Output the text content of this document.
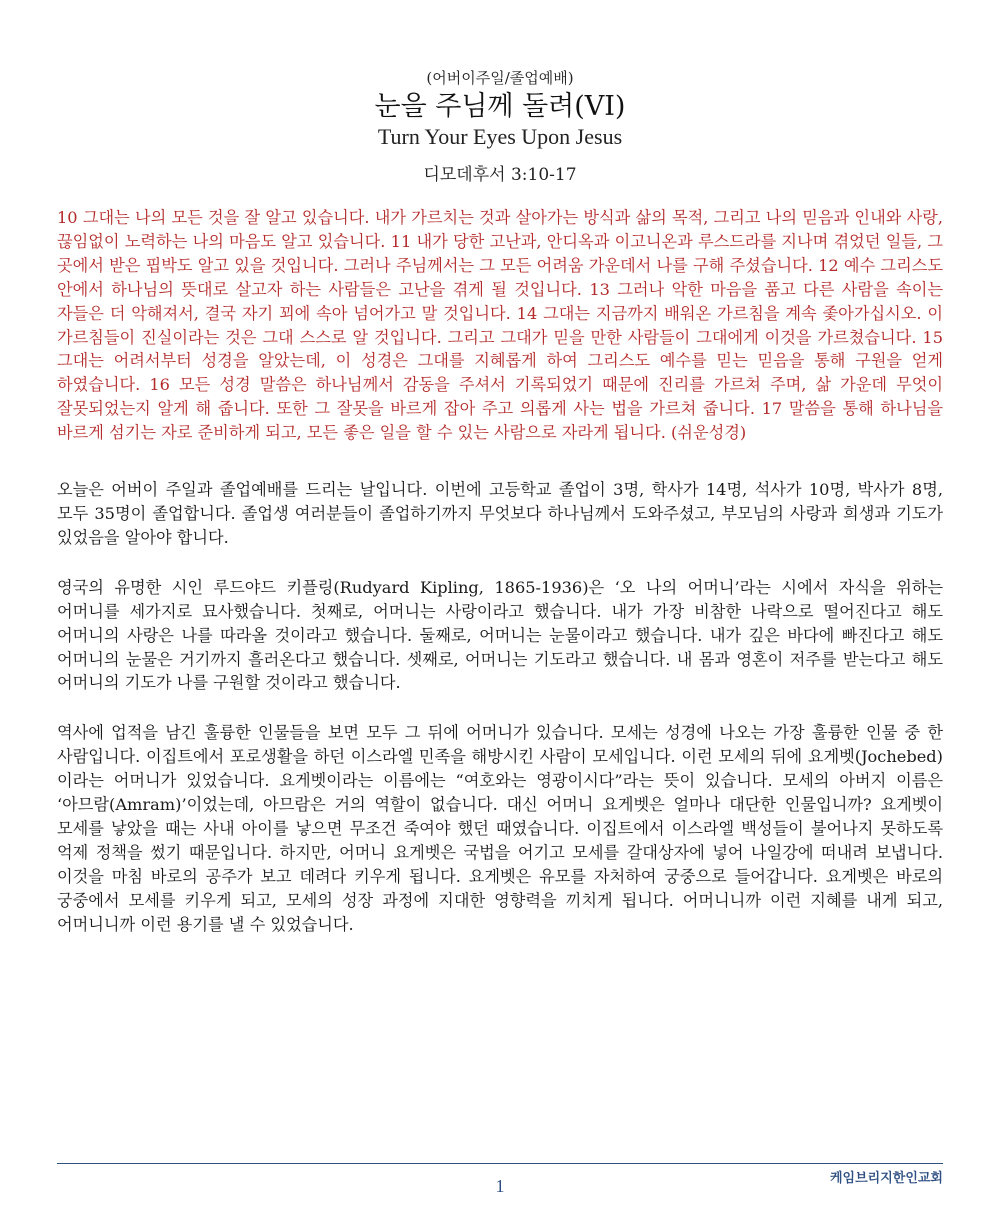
(어버이주일/졸업예배)
눈을 주님께 돌려(VI)
Turn Your Eyes Upon Jesus
디모데후서 3:10-17

10 그대는 나의 모든 것을 잘 알고 있습니다. 내가 가르치는 것과 살아가는 방식과 삶의 목적, 그리고 나의 믿음과 인내와 사랑, 끊임없이 노력하는 나의 마음도 알고 있습니다. 11 내가 당한 고난과, 안디옥과 이고니온과 루스드라를 지나며 겪었던 일들, 그 곳에서 받은 핍박도 알고 있을 것입니다. 그러나 주님께서는 그 모든 어려움 가운데서 나를 구해 주셨습니다. 12 예수 그리스도 안에서 하나님의 뜻대로 살고자 하는 사람들은 고난을 겪게 될 것입니다. 13 그러나 악한 마음을 품고 다른 사람을 속이는 자들은 더 악해져서, 결국 자기 꾀에 속아 넘어가고 말 것입니다. 14 그대는 지금까지 배워온 가르침을 계속 좇아가십시오. 이 가르침들이 진실이라는 것은 그대 스스로 알 것입니다. 그리고 그대가 믿을 만한 사람들이 그대에게 이것을 가르쳤습니다. 15 그대는 어려서부터 성경을 알았는데, 이 성경은 그대를 지혜롭게 하여 그리스도 예수를 믿는 믿음을 통해 구원을 얻게 하였습니다. 16 모든 성경 말씀은 하나님께서 감동을 주셔서 기록되었기 때문에 진리를 가르쳐 주며, 삶 가운데 무엇이 잘못되었는지 알게 해 줍니다. 또한 그 잘못을 바르게 잡아 주고 의롭게 사는 법을 가르쳐 줍니다. 17 말씀을 통해 하나님을 바르게 섬기는 자로 준비하게 되고, 모든 좋은 일을 할 수 있는 사람으로 자라게 됩니다. (쉬운성경)

오늘은 어버이 주일과 졸업예배를 드리는 날입니다. 이번에 고등학교 졸업이 3명, 학사가 14명, 석사가 10명, 박사가 8명, 모두 35명이 졸업합니다. 졸업생 여러분들이 졸업하기까지 무엇보다 하나님께서 도와주셨고, 부모님의 사랑과 희생과 기도가 있었음을 알아야 합니다.

영국의 유명한 시인 루드야드 키플링(Rudyard Kipling, 1865-1936)은 ‘오 나의 어머니’라는 시에서 자식을 위하는 어머니를 세가지로 묘사했습니다. 첫째로, 어머니는 사랑이라고 했습니다. 내가 가장 비참한 나락으로 떨어진다고 해도 어머니의 사랑은 나를 따라올 것이라고 했습니다. 둘째로, 어머니는 눈물이라고 했습니다. 내가 깊은 바다에 빠진다고 해도 어머니의 눈물은 거기까지 흘러온다고 했습니다. 셋째로, 어머니는 기도라고 했습니다. 내 몸과 영혼이 저주를 받는다고 해도 어머니의 기도가 나를 구원할 것이라고 했습니다.

역사에 업적을 남긴 훌륭한 인물들을 보면 모두 그 뒤에 어머니가 있습니다. 모세는 성경에 나오는 가장 훌륭한 인물 중 한 사람입니다. 이집트에서 포로생활을 하던 이스라엘 민족을 해방시킨 사람이 모세입니다. 이런 모세의 뒤에 요게벳(Jochebed)이라는 어머니가 있었습니다. 요게벳이라는 이름에는 “여호와는 영광이시다”라는 뜻이 있습니다. 모세의 아버지 이름은 ‘아므람(Amram)’이었는데, 아므람은 거의 역할이 없습니다. 대신 어머니 요게벳은 얼마나 대단한 인물입니까? 요게벳이 모세를 낳았을 때는 사내 아이를 낳으면 무조건 죽여야 했던 때였습니다. 이집트에서 이스라엘 백성들이 불어나지 못하도록 억제 정책을 썼기 때문입니다. 하지만, 어머니 요게벳은 국법을 어기고 모세를 갈대상자에 넣어 나일강에 떠내려 보냅니다. 이것을 마침 바로의 공주가 보고 데려다 키우게 됩니다. 요게벳은 유모를 자처하여 궁중으로 들어갑니다. 요게벳은 바로의 궁중에서 모세를 키우게 되고, 모세의 성장 과정에 지대한 영향력을 끼치게 됩니다. 어머니니까 이런 지혜를 내게 되고, 어머니니까 이런 용기를 낼 수 있었습니다.

1	케임브리지한인교회
